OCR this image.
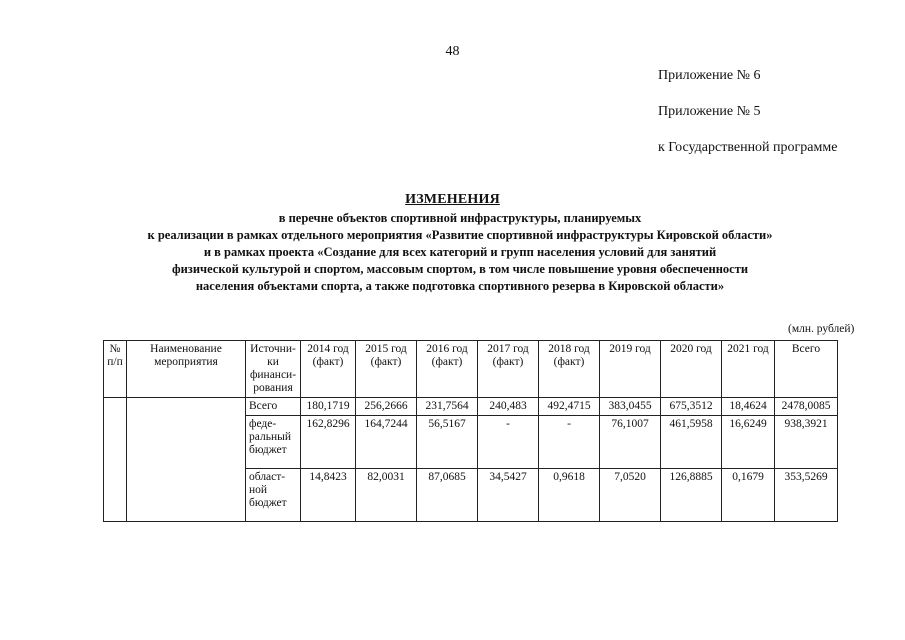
48
Приложение № 6
Приложение № 5
к Государственной программе
ИЗМЕНЕНИЯ
в перечне объектов спортивной инфраструктуры, планируемых
к реализации в рамках отдельного мероприятия «Развитие спортивной инфраструктуры Кировской области»
и в рамках проекта «Создание для всех категорий и групп населения условий для занятий
физической культурой и спортом, массовым спортом, в том числе повышение уровня обеспеченности
населения объектами спорта, а также подготовка спортивного резерва в Кировской области»
(млн. рублей)
№ п/п	Наименование мероприятия	Источни-ки финанси-рования	2014 год (факт)	2015 год (факт)	2016 год (факт)	2017 год (факт)	2018 год (факт)	2019 год	2020 год	2021 год	Всего
		Всего	180,1719	256,2666	231,7564	240,483	492,4715	383,0455	675,3512	18,4624	2478,0085
		феде-ральный бюджет	162,8296	164,7244	56,5167	-	-	76,1007	461,5958	16,6249	938,3921
		област-ной бюджет	14,8423	82,0031	87,0685	34,5427	0,9618	7,0520	126,8885	0,1679	353,5269
